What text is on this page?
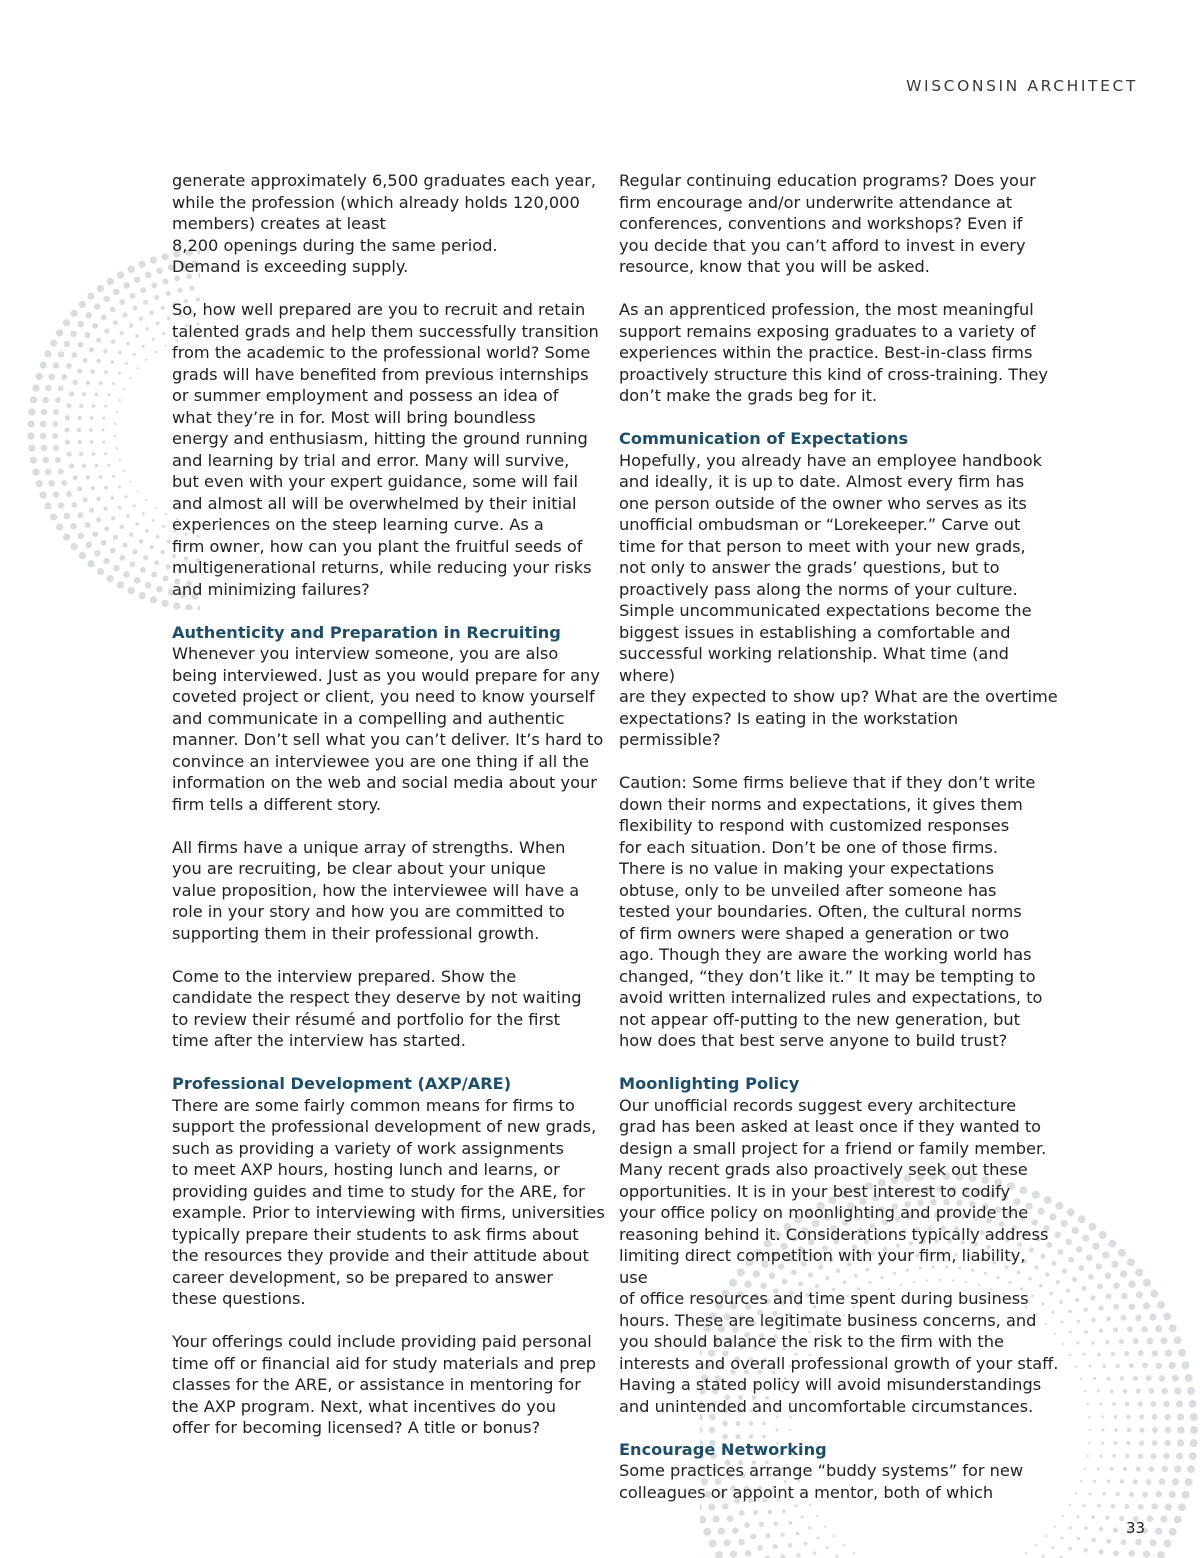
WISCONSIN ARCHITECT

generate approximately 6,500 graduates each year,
while the profession (which already holds 120,000
members) creates at least
8,200 openings during the same period.
Demand is exceeding supply.

So, how well prepared are you to recruit and retain
talented grads and help them successfully transition
from the academic to the professional world? Some
grads will have benefited from previous internships
or summer employment and possess an idea of
what they’re in for. Most will bring boundless
energy and enthusiasm, hitting the ground running
and learning by trial and error. Many will survive,
but even with your expert guidance, some will fail
and almost all will be overwhelmed by their initial
experiences on the steep learning curve. As a
firm owner, how can you plant the fruitful seeds of
multigenerational returns, while reducing your risks
and minimizing failures?

Authenticity and Preparation in Recruiting

Whenever you interview someone, you are also
being interviewed. Just as you would prepare for any
coveted project or client, you need to know yourself
and communicate in a compelling and authentic
manner. Don’t sell what you can’t deliver. It’s hard to
convince an interviewee you are one thing if all the
information on the web and social media about your
firm tells a different story.

All firms have a unique array of strengths. When
you are recruiting, be clear about your unique
value proposition, how the interviewee will have a
role in your story and how you are committed to
supporting them in their professional growth.

Come to the interview prepared. Show the
candidate the respect they deserve by not waiting
to review their résumé and portfolio for the first
time after the interview has started.

Professional Development (AXP/ARE)

There are some fairly common means for firms to
support the professional development of new grads,
such as providing a variety of work assignments
to meet AXP hours, hosting lunch and learns, or
providing guides and time to study for the ARE, for
example. Prior to interviewing with firms, universities
typically prepare their students to ask firms about
the resources they provide and their attitude about
career development, so be prepared to answer
these questions.

Your offerings could include providing paid personal
time off or financial aid for study materials and prep
classes for the ARE, or assistance in mentoring for
the AXP program. Next, what incentives do you
offer for becoming licensed? A title or bonus?

Regular continuing education programs? Does your
firm encourage and/or underwrite attendance at
conferences, conventions and workshops? Even if
you decide that you can’t afford to invest in every
resource, know that you will be asked.

As an apprenticed profession, the most meaningful
support remains exposing graduates to a variety of
experiences within the practice. Best-in-class firms
proactively structure this kind of cross-training. They
don’t make the grads beg for it.

Communication of Expectations

Hopefully, you already have an employee handbook
and ideally, it is up to date. Almost every firm has
one person outside of the owner who serves as its
unofficial ombudsman or “Lorekeeper.” Carve out
time for that person to meet with your new grads,
not only to answer the grads’ questions, but to
proactively pass along the norms of your culture.
Simple uncommunicated expectations become the
biggest issues in establishing a comfortable and
successful working relationship. What time (and where)
are they expected to show up? What are the overtime
expectations? Is eating in the workstation permissible?

Caution: Some firms believe that if they don’t write
down their norms and expectations, it gives them
flexibility to respond with customized responses
for each situation. Don’t be one of those firms.
There is no value in making your expectations
obtuse, only to be unveiled after someone has
tested your boundaries. Often, the cultural norms
of firm owners were shaped a generation or two
ago. Though they are aware the working world has
changed, “they don’t like it.” It may be tempting to
avoid written internalized rules and expectations, to
not appear off-putting to the new generation, but
how does that best serve anyone to build trust?

Moonlighting Policy

Our unofficial records suggest every architecture
grad has been asked at least once if they wanted to
design a small project for a friend or family member.
Many recent grads also proactively seek out these
opportunities. It is in your best interest to codify
your office policy on moonlighting and provide the
reasoning behind it. Considerations typically address
limiting direct competition with your firm, liability, use
of office resources and time spent during business
hours. These are legitimate business concerns, and
you should balance the risk to the firm with the
interests and overall professional growth of your staff.
Having a stated policy will avoid misunderstandings
and unintended and uncomfortable circumstances.

Encourage Networking

Some practices arrange “buddy systems” for new
colleagues or appoint a mentor, both of which

33
